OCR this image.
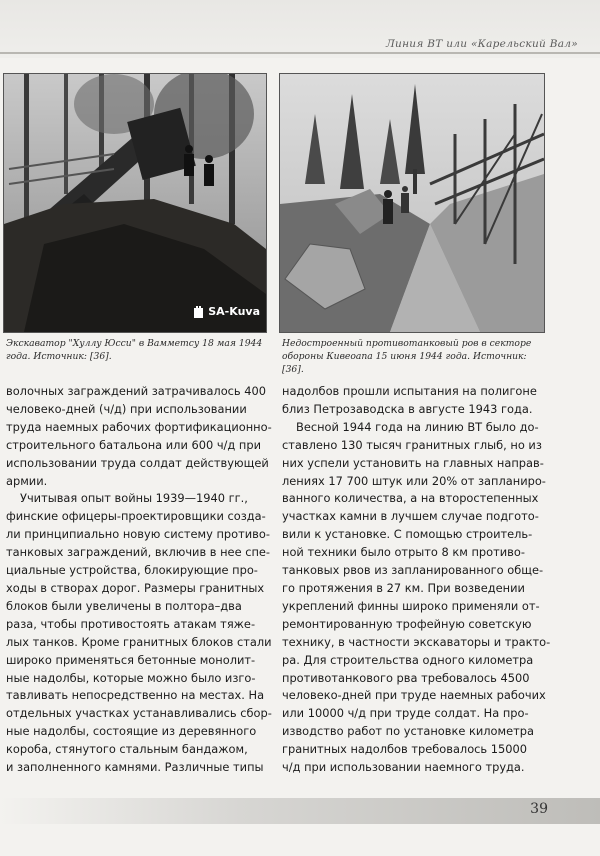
Линия ВТ или «Карельский Вал»
SA-Kuva
Экскаватор "Хуллу Юсси" в Вамметсу 18 мая 1944 года. Источник: [36].
Недостроенный противотанковый ров в секторе обороны Кивеоапа 15 июня 1944 года. Источник: [36].
волочных заграждений затрачивалось 400
человеко-дней (ч/д) при использовании
труда наемных рабочих фортификационно-
строительного батальона или 600 ч/д при
использовании труда солдат действующей
армии.
Учитывая опыт войны 1939—1940 гг.,
финские офицеры-проектировщики созда-
ли принципиально новую систему противо-
танковых заграждений, включив в нее спе-
циальные устройства, блокирующие про-
ходы в створах дорог. Размеры гранитных
блоков были увеличены в полтора–два
раза, чтобы противостоять атакам тяже-
лых танков. Кроме гранитных блоков стали
широко применяться бетонные монолит-
ные надолбы, которые можно было изго-
тавливать непосредственно на местах. На
отдельных участках устанавливались сбор-
ные надолбы, состоящие из деревянного
короба, стянутого стальным бандажом,
и заполненного камнями. Различные типы
надолбов прошли испытания на полигоне
близ Петрозаводска в августе 1943 года.
Весной 1944 года на линию ВТ было до-
ставлено 130 тысяч гранитных глыб, но из
них успели установить на главных направ-
лениях 17 700 штук или 20% от запланиро-
ванного количества, а на второстепенных
участках камни в лучшем случае подгото-
вили к установке. С помощью строитель-
ной техники было отрыто 8 км противо-
танковых рвов из запланированного обще-
го протяжения в 27 км. При возведении
укреплений финны широко применяли от-
ремонтированную трофейную советскую
технику, в частности экскаваторы и тракто-
ра. Для строительства одного километра
противотанкового рва требовалось 4500
человеко-дней при труде наемных рабочих
или 10000 ч/д при труде солдат. На про-
изводство работ по установке километра
гранитных надолбов требовалось 15000
ч/д при использовании наемного труда.
39
